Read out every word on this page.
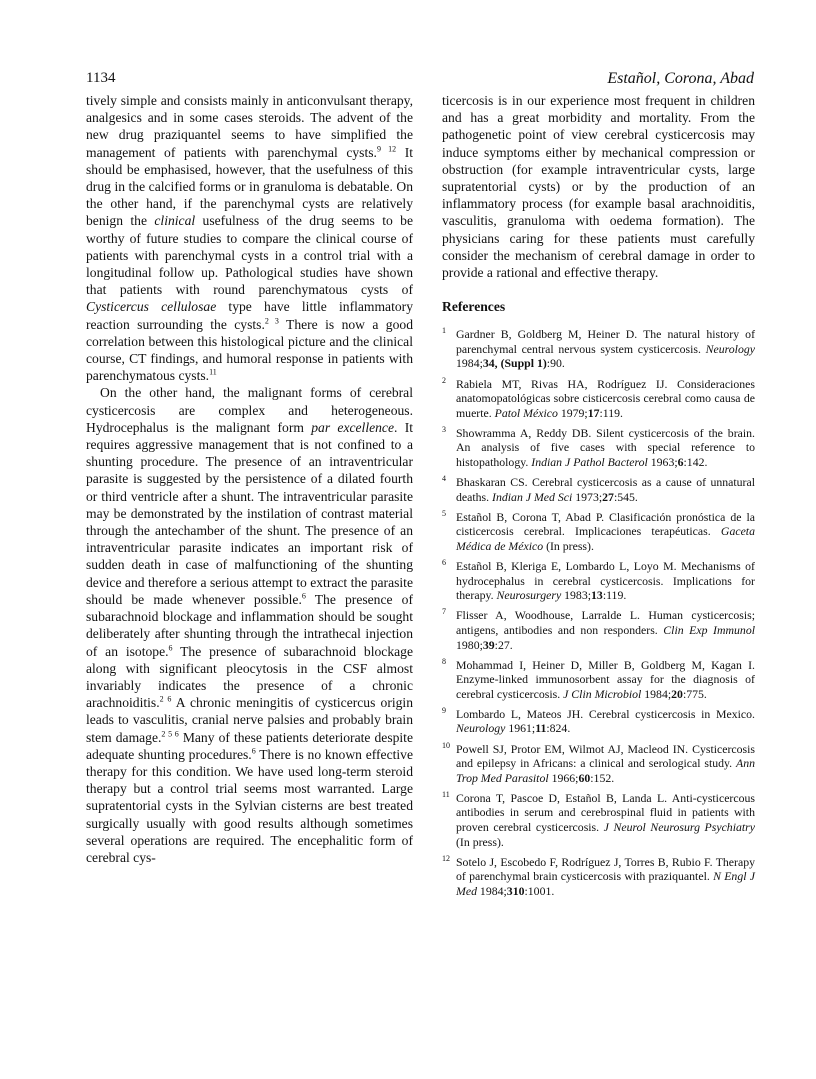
1134	Estañol, Corona, Abad

tively simple and consists mainly in anticonvulsant therapy, analgesics and in some cases steroids. The advent of the new drug praziquantel seems to have simplified the management of patients with parenchymal cysts.$^{9 12}$ It should be emphasised, however, that the usefulness of this drug in the calcified forms or in granuloma is debatable. On the other hand, if the parenchymal cysts are relatively benign the clinical usefulness of the drug seems to be worthy of future studies to compare the clinical course of patients with parenchymal cysts in a control trial with a longitudinal follow up. Pathological studies have shown that patients with round parenchymatous cysts of Cysticercus cellulosae type have little inflammatory reaction surrounding the cysts.$^{2 3}$ There is now a good correlation between this histological picture and the clinical course, CT findings, and humoral response in patients with parenchymatous cysts.$^{11}$

On the other hand, the malignant forms of cerebral cysticercosis are complex and heterogeneous. Hydrocephalus is the malignant form par excellence. It requires aggressive management that is not confined to a shunting procedure. The presence of an intraventricular parasite is suggested by the persistence of a dilated fourth or third ventricle after a shunt. The intraventricular parasite may be demonstrated by the instilation of contrast material through the antechamber of the shunt. The presence of an intraventricular parasite indicates an important risk of sudden death in case of malfunctioning of the shunting device and therefore a serious attempt to extract the parasite should be made whenever possible.$^6$ The presence of subarachnoid blockage and inflammation should be sought deliberately after shunting through the intrathecal injection of an isotope.$^6$ The presence of subarachnoid blockage along with significant pleocytosis in the CSF almost invariably indicates the presence of a chronic arachnoiditis.$^{2 6}$ A chronic meningitis of cysticercus origin leads to vasculitis, cranial nerve palsies and probably brain stem damage.$^{2 5 6}$ Many of these patients deteriorate despite adequate shunting procedures.$^6$ There is no known effective therapy for this condition. We have used long-term steroid therapy but a control trial seems most warranted. Large supratentorial cysts in the Sylvian cisterns are best treated surgically usually with good results although sometimes several operations are required. The encephalitic form of cerebral cys-

ticercosis is in our experience most frequent in children and has a great morbidity and mortality. From the pathogenetic point of view cerebral cysticercosis may induce symptoms either by mechanical compression or obstruction (for example intraventricular cysts, large supratentorial cysts) or by the production of an inflammatory process (for example basal arachnoiditis, vasculitis, granuloma with oedema formation). The physicians caring for these patients must carefully consider the mechanism of cerebral damage in order to provide a rational and effective therapy.

References
1 Gardner B, Goldberg M, Heiner D. The natural history of parenchymal central nervous system cysticercosis. Neurology 1984;34, (Suppl 1):90.
2 Rabiela MT, Rivas HA, Rodríguez IJ. Consideraciones anatomopatológicas sobre cisticercosis cerebral como causa de muerte. Patol México 1979;17:119.
3 Showramma A, Reddy DB. Silent cysticercosis of the brain. An analysis of five cases with special reference to histopathology. Indian J Pathol Bacterol 1963;6:142.
4 Bhaskaran CS. Cerebral cysticercosis as a cause of unnatural deaths. Indian J Med Sci 1973;27:545.
5 Estañol B, Corona T, Abad P. Clasificación pronóstica de la cisticercosis cerebral. Implicaciones terapéuticas. Gaceta Médica de México (In press).
6 Estañol B, Kleriga E, Lombardo L, Loyo M. Mechanisms of hydrocephalus in cerebral cysticercosis. Implications for therapy. Neurosurgery 1983;13:119.
7 Flisser A, Woodhouse, Larralde L. Human cysticercosis; antigens, antibodies and non responders. Clin Exp Immunol 1980;39:27.
8 Mohammad I, Heiner D, Miller B, Goldberg M, Kagan I. Enzyme-linked immunosorbent assay for the diagnosis of cerebral cysticercosis. J Clin Microbiol 1984;20:775.
9 Lombardo L, Mateos JH. Cerebral cysticercosis in Mexico. Neurology 1961;11:824.
10 Powell SJ, Protor EM, Wilmot AJ, Macleod IN. Cysticercosis and epilepsy in Africans: a clinical and serological study. Ann Trop Med Parasitol 1966;60:152.
11 Corona T, Pascoe D, Estañol B, Landa L. Anti-cysticercous antibodies in serum and cerebrospinal fluid in patients with proven cerebral cysticercosis. J Neurol Neurosurg Psychiatry (In press).
12 Sotelo J, Escobedo F, Rodríguez J, Torres B, Rubio F. Therapy of parenchymal brain cysticercosis with praziquantel. N Engl J Med 1984;310:1001.
